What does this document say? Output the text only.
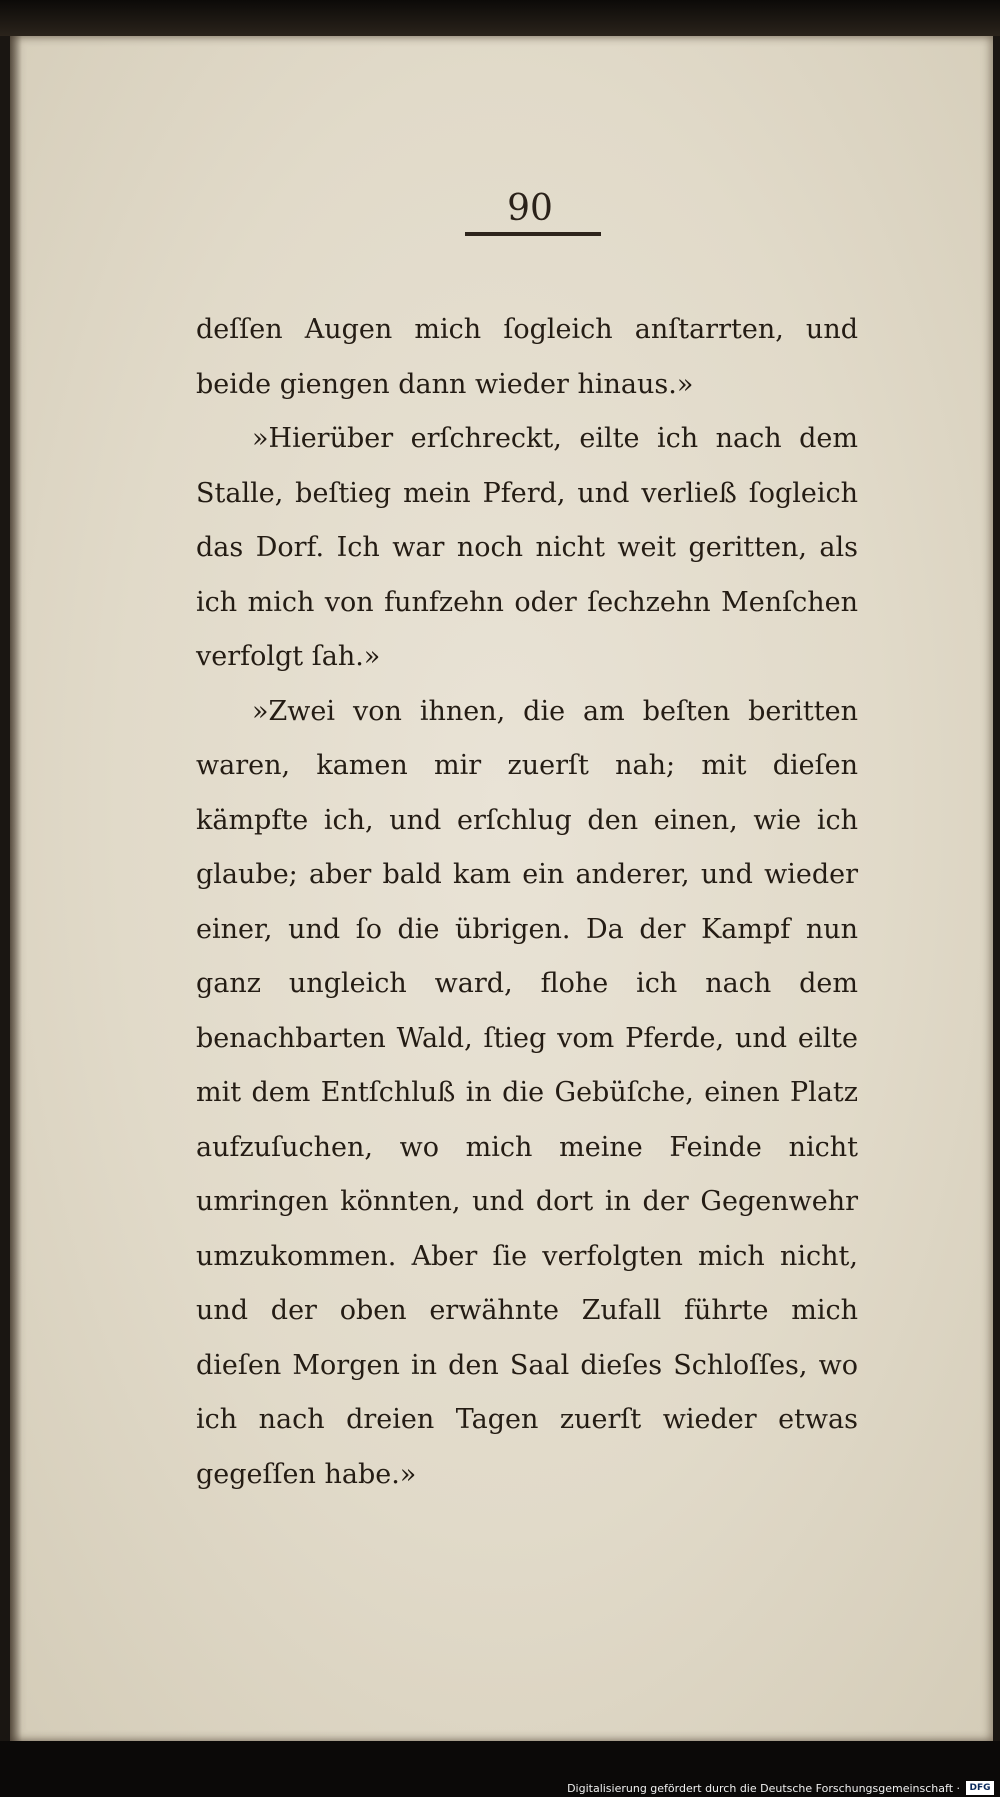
90

deſſen Augen mich ſogleich anſtarrten, und beide giengen dann wieder hinaus.»

»Hierüber erſchreckt, eilte ich nach dem Stalle, beſtieg mein Pferd, und verließ ſogleich das Dorf. Ich war noch nicht weit geritten, als ich mich von funfzehn oder ſechzehn Menſchen verfolgt ſah.»

»Zwei von ihnen, die am beſten beritten waren, kamen mir zuerſt nah; mit dieſen kämpfte ich, und erſchlug den einen, wie ich glaube; aber bald kam ein anderer, und wieder einer, und ſo die übrigen. Da der Kampf nun ganz ungleich ward, flohe ich nach dem benachbarten Wald, ſtieg vom Pferde, und eilte mit dem Entſchluß in die Gebüſche, einen Platz aufzuſuchen, wo mich meine Feinde nicht umringen könnten, und dort in der Gegenwehr umzukommen. Aber ſie verfolgten mich nicht, und der oben erwähnte Zufall führte mich dieſen Morgen in den Saal dieſes Schloſſes, wo ich nach dreien Tagen zuerſt wieder etwas gegeſſen habe.»

Digitalisierung gefördert durch die Deutsche Forschungsgemeinschaft ·	DFG
